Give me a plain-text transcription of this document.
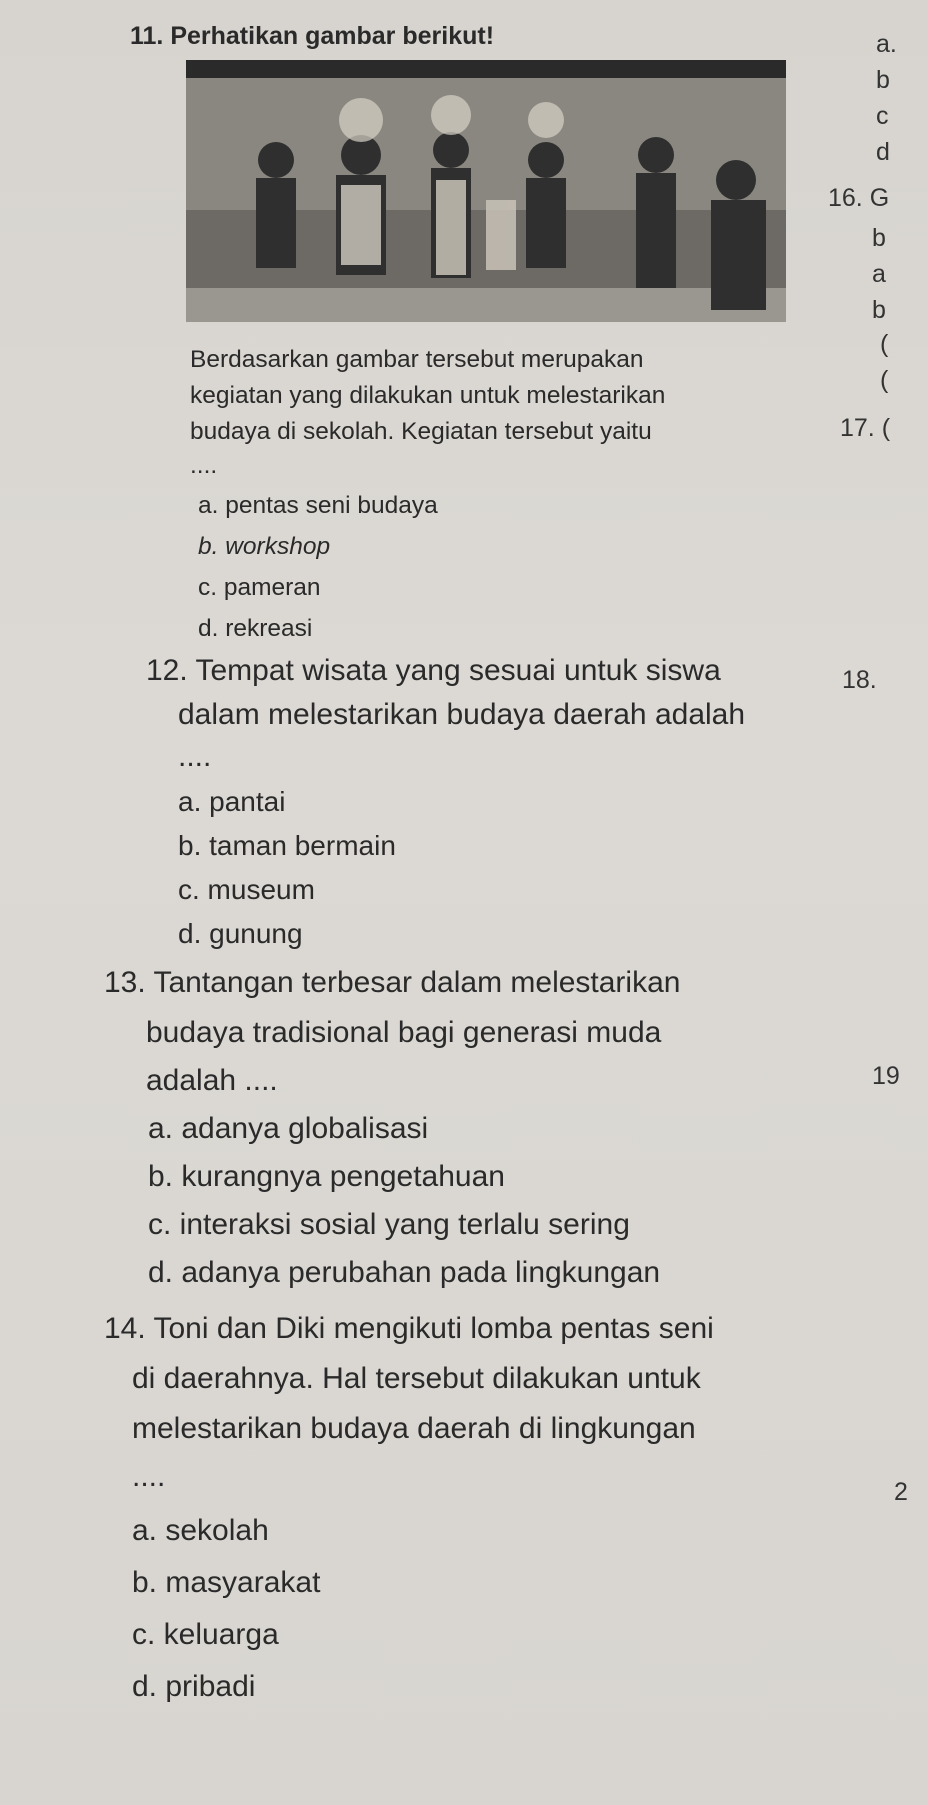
11. Perhatikan gambar berikut!
Berdasarkan gambar tersebut merupakan
kegiatan yang dilakukan untuk melestarikan
budaya di sekolah. Kegiatan tersebut yaitu
....
a. pentas seni budaya
b. workshop
c. pameran
d. rekreasi
12. Tempat wisata yang sesuai untuk siswa
dalam melestarikan budaya daerah adalah
....
a. pantai
b. taman bermain
c. museum
d. gunung
13. Tantangan terbesar dalam melestarikan
budaya tradisional bagi generasi muda
adalah ....
a. adanya globalisasi
b. kurangnya pengetahuan
c. interaksi sosial yang terlalu sering
d. adanya perubahan pada lingkungan
14. Toni dan Diki mengikuti lomba pentas seni
di daerahnya. Hal tersebut dilakukan untuk
melestarikan budaya daerah di lingkungan
....
a. sekolah
b. masyarakat
c. keluarga
d. pribadi
a.
b
c
d
16. G
b
a
b
(
(
17. (
18.
19
2
